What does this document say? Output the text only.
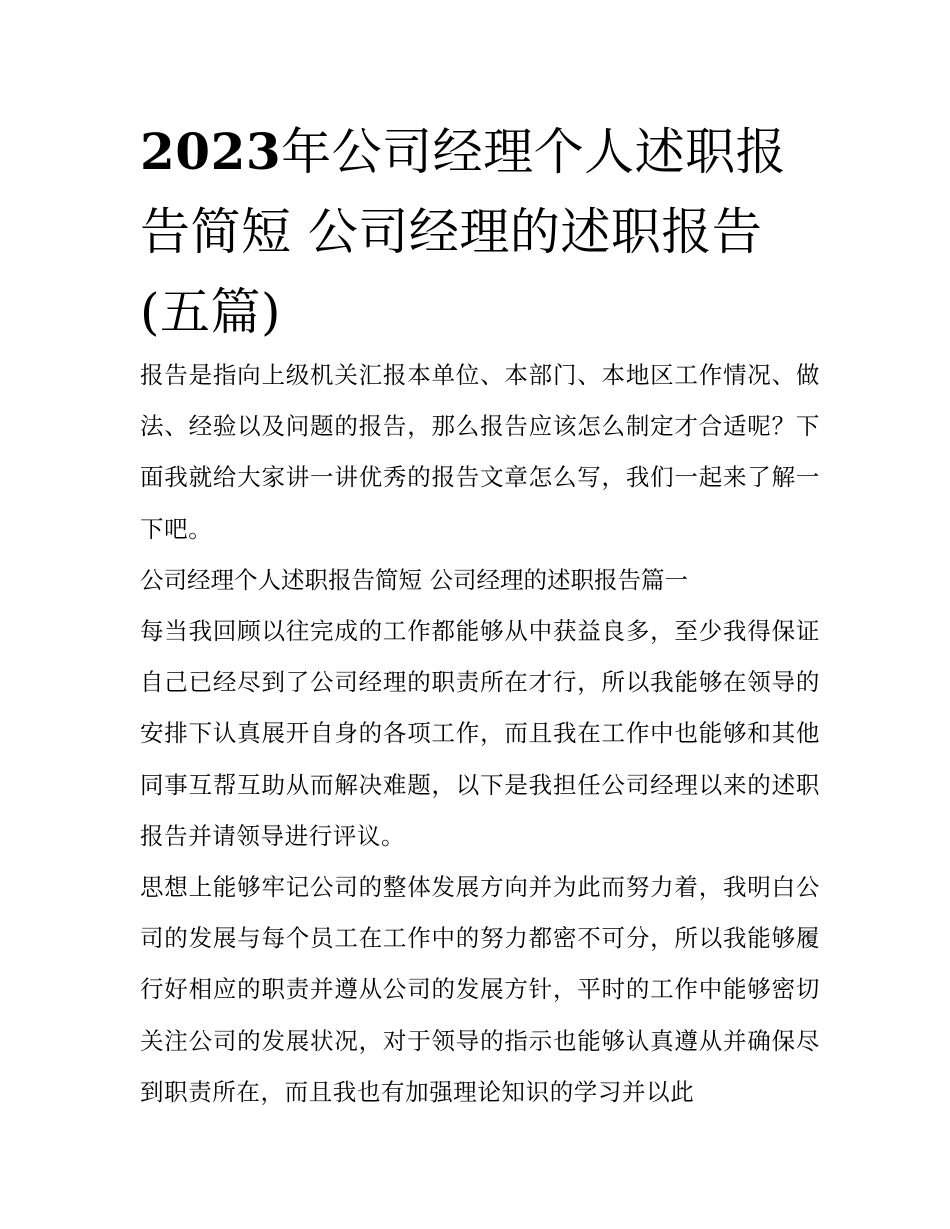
2023年公司经理个人述职报告简短 公司经理的述职报告(五篇)

报告是指向上级机关汇报本单位、本部门、本地区工作情况、做法、经验以及问题的报告，那么报告应该怎么制定才合适呢？下面我就给大家讲一讲优秀的报告文章怎么写，我们一起来了解一下吧。

公司经理个人述职报告简短 公司经理的述职报告篇一

每当我回顾以往完成的工作都能够从中获益良多，至少我得保证自己已经尽到了公司经理的职责所在才行，所以我能够在领导的安排下认真展开自身的各项工作，而且我在工作中也能够和其他同事互帮互助从而解决难题，以下是我担任公司经理以来的述职报告并请领导进行评议。

思想上能够牢记公司的整体发展方向并为此而努力着，我明白公司的发展与每个员工在工作中的努力都密不可分，所以我能够履行好相应的职责并遵从公司的发展方针，平时的工作中能够密切关注公司的发展状况，对于领导的指示也能够认真遵从并确保尽到职责所在，而且我也有加强理论知识的学习并以此
